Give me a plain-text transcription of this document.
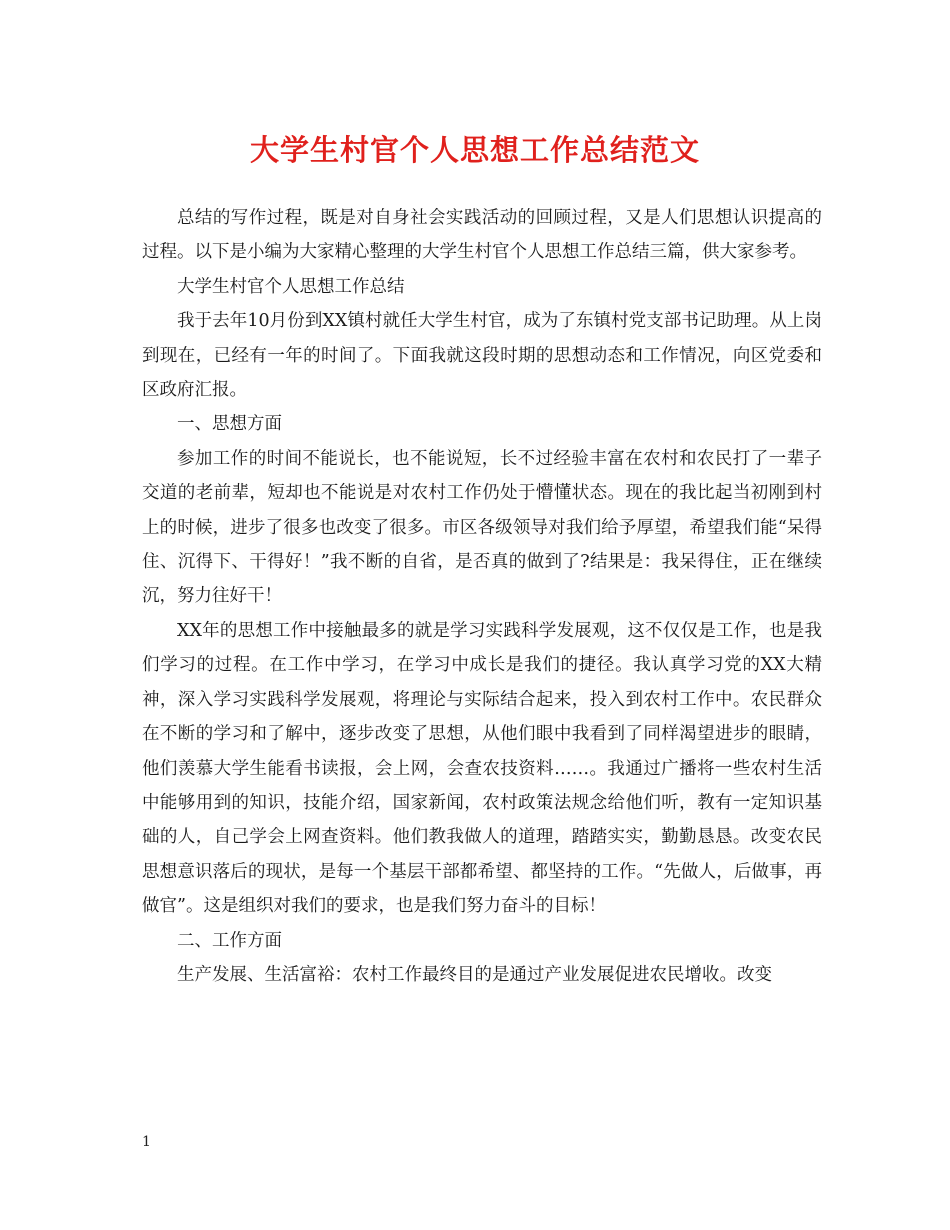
大学生村官个人思想工作总结范文

总结的写作过程，既是对自身社会实践活动的回顾过程，又是人们思想认识提高的过程。以下是小编为大家精心整理的大学生村官个人思想工作总结三篇，供大家参考。

大学生村官个人思想工作总结

我于去年10月份到XX镇村就任大学生村官，成为了东镇村党支部书记助理。从上岗到现在，已经有一年的时间了。下面我就这段时期的思想动态和工作情况，向区党委和区政府汇报。

一、思想方面

参加工作的时间不能说长，也不能说短，长不过经验丰富在农村和农民打了一辈子交道的老前辈，短却也不能说是对农村工作仍处于懵懂状态。现在的我比起当初刚到村上的时候，进步了很多也改变了很多。市区各级领导对我们给予厚望，希望我们能“呆得住、沉得下、干得好！”我不断的自省，是否真的做到了?结果是：我呆得住，正在继续沉，努力往好干！

XX年的思想工作中接触最多的就是学习实践科学发展观，这不仅仅是工作，也是我们学习的过程。在工作中学习，在学习中成长是我们的捷径。我认真学习党的XX大精神，深入学习实践科学发展观，将理论与实际结合起来，投入到农村工作中。农民群众在不断的学习和了解中，逐步改变了思想，从他们眼中我看到了同样渴望进步的眼睛，他们羡慕大学生能看书读报，会上网，会查农技资料……。我通过广播将一些农村生活中能够用到的知识，技能介绍，国家新闻，农村政策法规念给他们听，教有一定知识基础的人，自己学会上网查资料。他们教我做人的道理，踏踏实实，勤勤恳恳。改变农民思想意识落后的现状，是每一个基层干部都希望、都坚持的工作。“先做人，后做事，再做官”。这是组织对我们的要求，也是我们努力奋斗的目标！

二、工作方面

生产发展、生活富裕：农村工作最终目的是通过产业发展促进农民增收。改变

1
